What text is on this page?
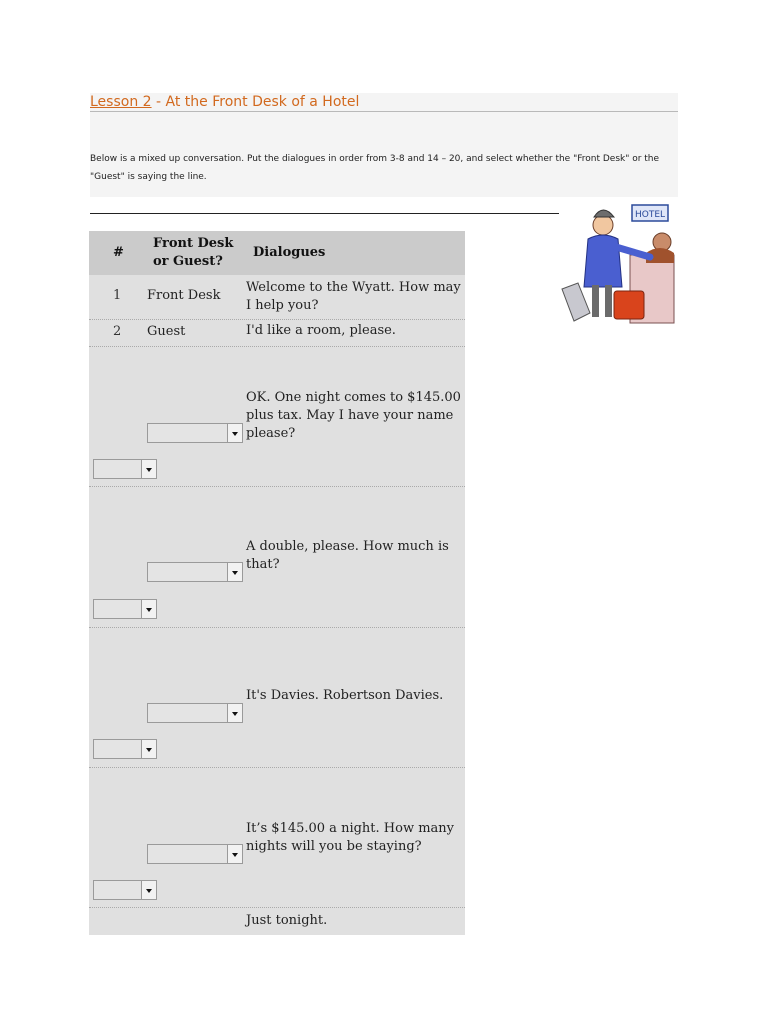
Lesson 2 - At the Front Desk of a Hotel
Below is a mixed up conversation. Put the dialogues in order from 3-8 and 14 – 20, and select whether the "Front Desk" or the "Guest" is saying the line.
HOTEL
#
Front Desk
or Guest?
Dialogues
1 Front Desk
Welcome to the Wyatt. How may I help you?
2 Guest	I'd like a room, please.
OK. One night comes to $145.00 plus tax. May I have your name please?
A double, please. How much is that?
It's Davies. Robertson Davies.
It’s $145.00 a night. How many nights will you be staying?
Just tonight.
